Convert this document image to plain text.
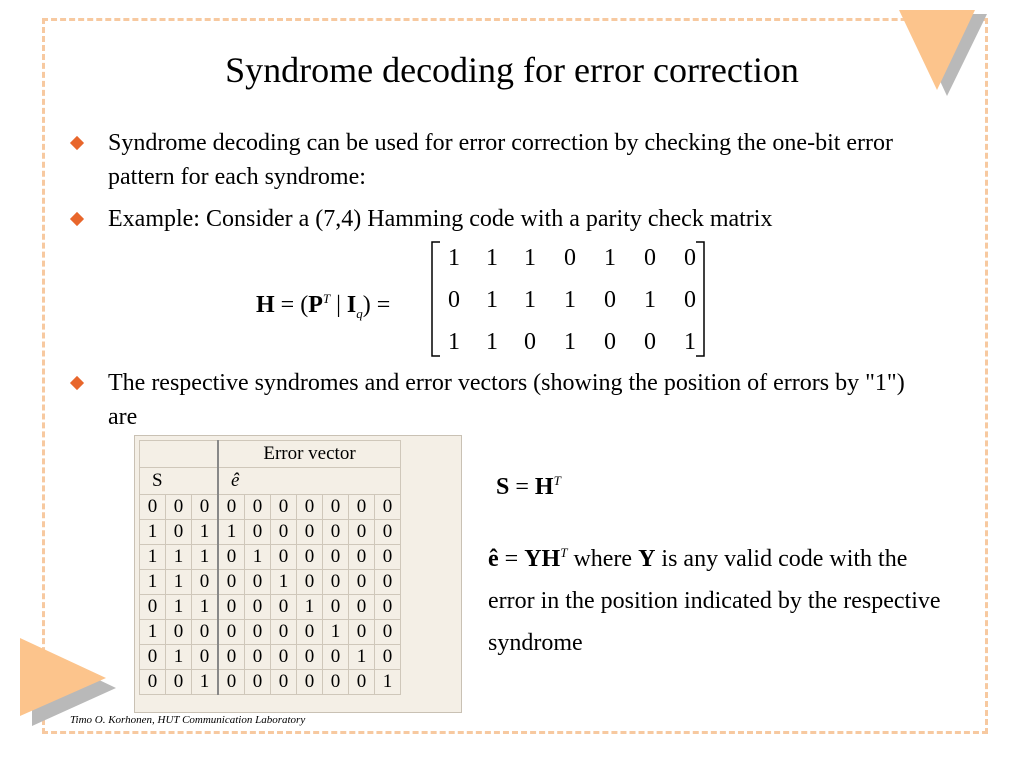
Syndrome decoding for error correction
Syndrome decoding can be used for error correction by checking the one-bit error pattern for each syndrome:
Example: Consider a (7,4) Hamming code with a parity check matrix
$H = (P^T$ | $I_q$) =
1	1	1	0	1	0	0
0	1	1	1	0	1	0
1	1	0	1	0	0	1
The respective syndromes and error vectors (showing the position of errors by "1") are
			Error vector						
S			ê						
0	0	0	0	0	0	0	0	0	0
1	0	1	1	0	0	0	0	0	0
1	1	1	0	1	0	0	0	0	0
1	1	0	0	0	1	0	0	0	0
0	1	1	0	0	0	1	0	0	0
1	0	0	0	0	0	0	1	0	0
0	1	0	0	0	0	0	0	1	0
0	0	1	0	0	0	0	0	0	1
$S = H^T$
ê = $YH^T$ where Y is any valid code with the error in the position indicated by the respective syndrome
Timo O. Korhonen, HUT Communication Laboratory
